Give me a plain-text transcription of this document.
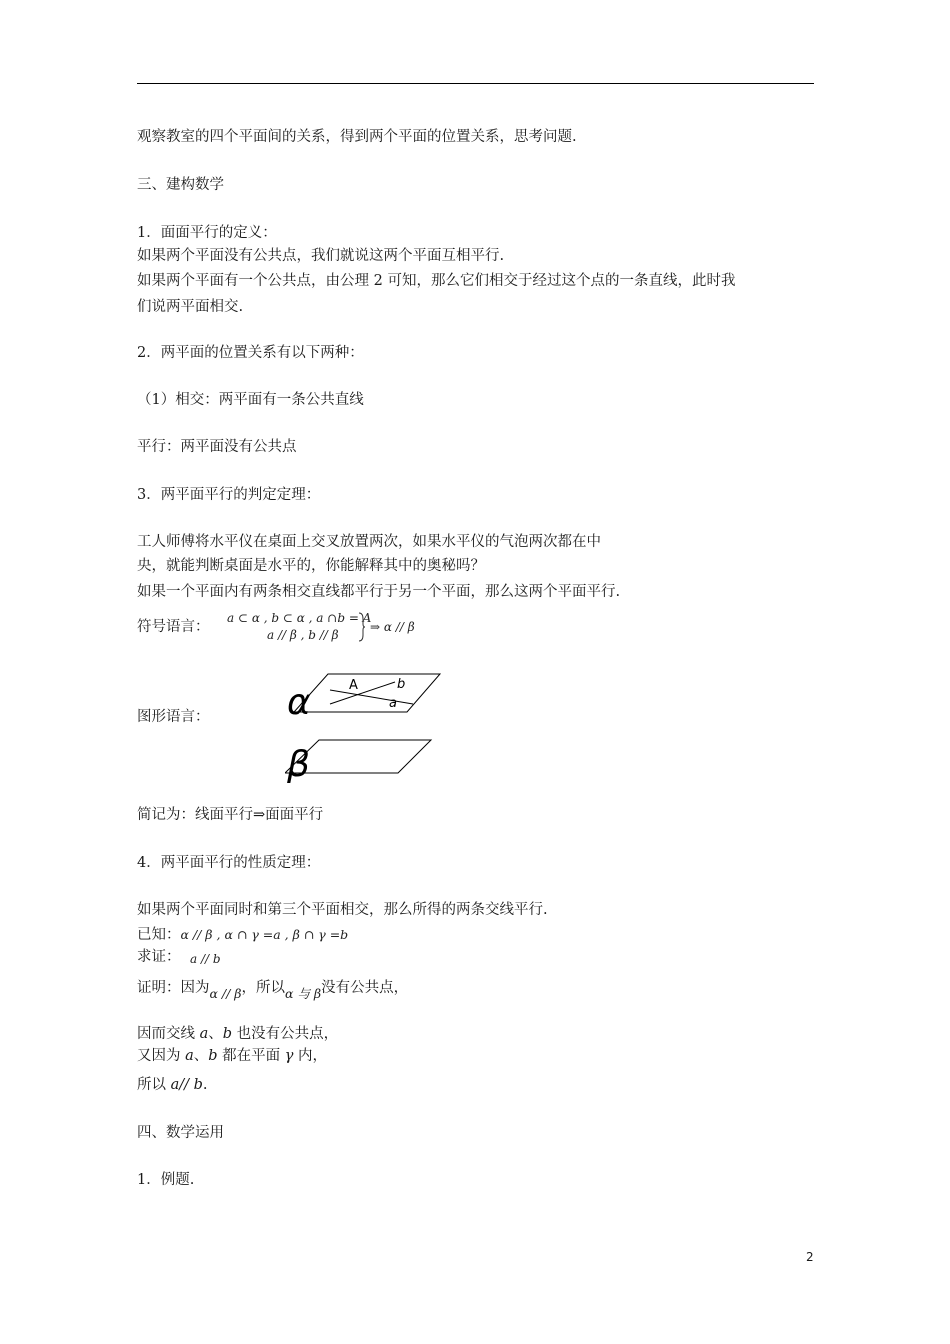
观察教室的四个平面间的关系，得到两个平面的位置关系，思考问题.
三、建构数学
1．面面平行的定义：
如果两个平面没有公共点，我们就说这两个平面互相平行.
如果两个平面有一个公共点，由公理 2 可知，那么它们相交于经过这个点的一条直线，此时我
们说两平面相交.
2．两平面的位置关系有以下两种：
（1）相交：两平面有一条公共直线
平行：两平面没有公共点
3．两平面平行的判定定理：
工人师傅将水平仪在桌面上交叉放置两次，如果水平仪的气泡两次都在中
央，就能判断桌面是水平的，你能解释其中的奥秘吗？
如果一个平面内有两条相交直线都平行于另一个平面，那么这两个平面平行.
符号语言：
a ⊂ α , b ⊂ α , a ∩b = A
a // β , b // β
⇒ α // β
图形语言： α	A	b
a
β
简记为：线面平行⇒面面平行
4．两平面平行的性质定理：
如果两个平面同时和第三个平面相交，那么所得的两条交线平行.
已知：α // β , α ∩ γ =a , β ∩ γ =b
求证： a // b
证明：因为α // β，所以α 与 β没有公共点，
因而交线 a、b 也没有公共点，
又因为 a、b 都在平面 γ 内，
所以 a// b.
四、数学运用
1．例题.
2
